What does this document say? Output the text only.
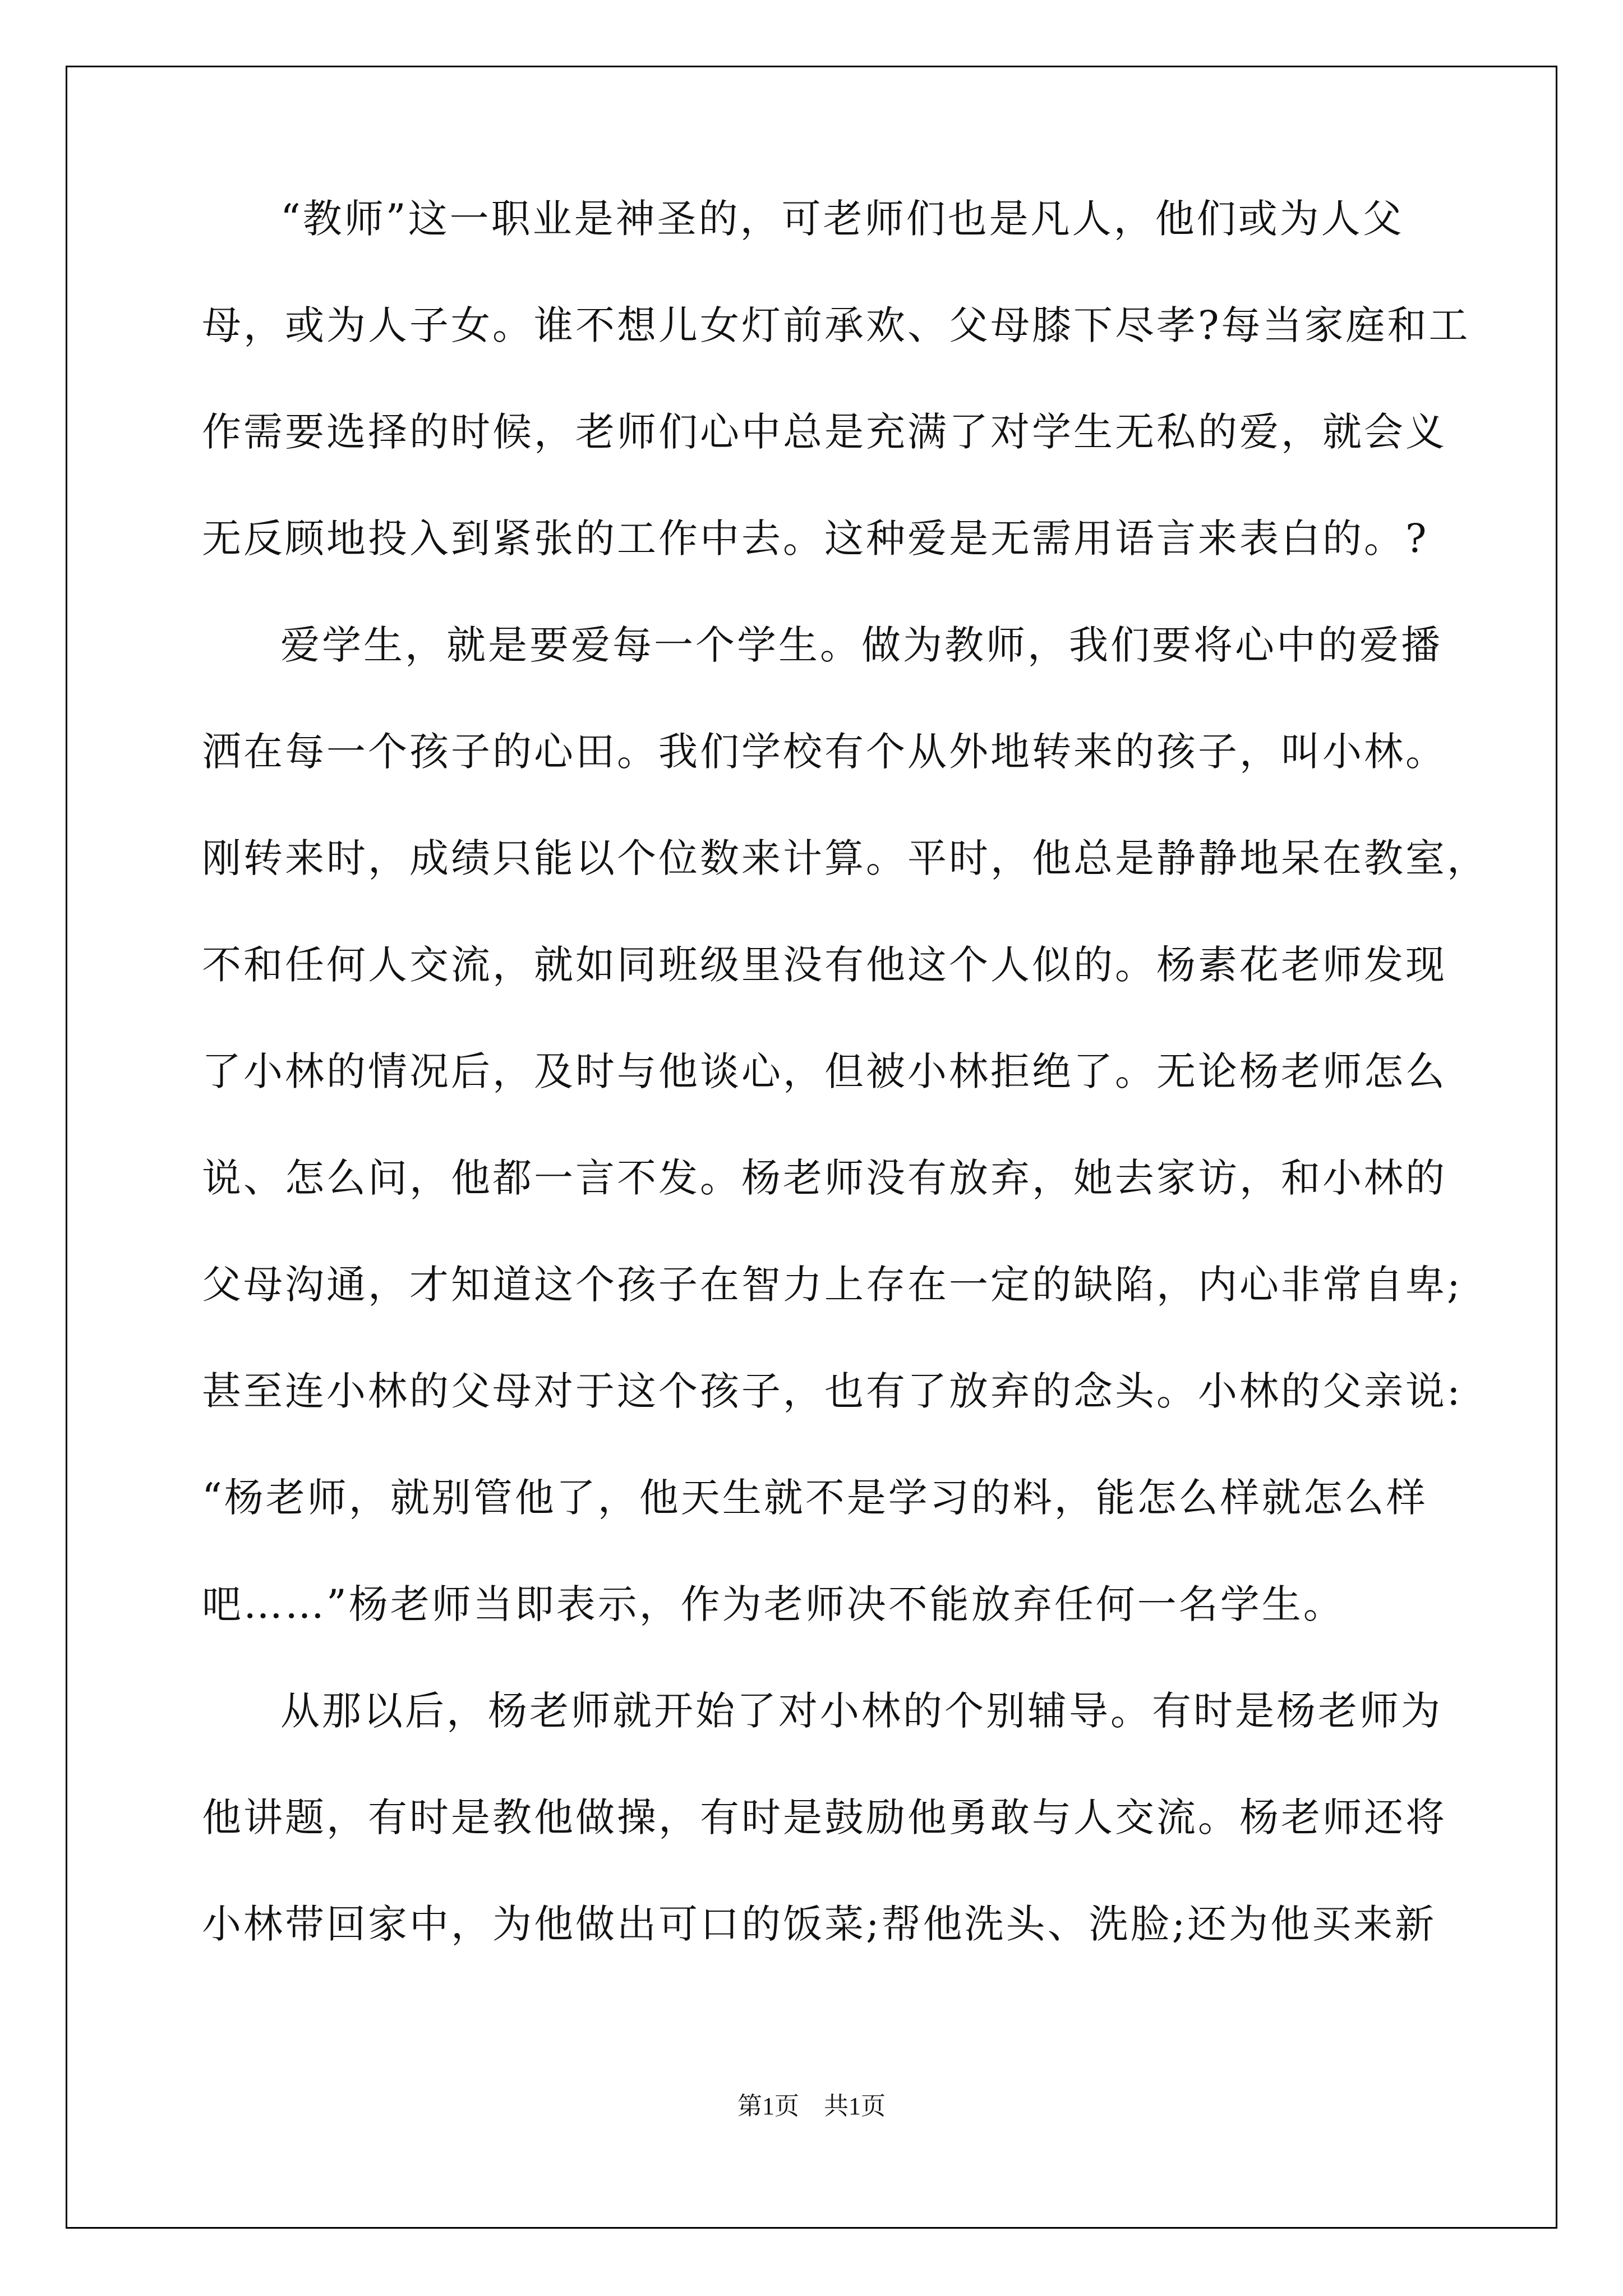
“教师”这一职业是神圣的，可老师们也是凡人，他们或为人父
母，或为人子女。谁不想儿女灯前承欢、父母膝下尽孝?每当家庭和工
作需要选择的时候，老师们心中总是充满了对学生无私的爱，就会义
无反顾地投入到紧张的工作中去。这种爱是无需用语言来表白的。?
爱学生，就是要爱每一个学生。做为教师，我们要将心中的爱播
洒在每一个孩子的心田。我们学校有个从外地转来的孩子，叫小林。
刚转来时，成绩只能以个位数来计算。平时，他总是静静地呆在教室，
不和任何人交流，就如同班级里没有他这个人似的。杨素花老师发现
了小林的情况后，及时与他谈心，但被小林拒绝了。无论杨老师怎么
说、怎么问，他都一言不发。杨老师没有放弃，她去家访，和小林的
父母沟通，才知道这个孩子在智力上存在一定的缺陷，内心非常自卑;
甚至连小林的父母对于这个孩子，也有了放弃的念头。小林的父亲说:
“杨老师，就别管他了，他天生就不是学习的料，能怎么样就怎么样
吧……”杨老师当即表示，作为老师决不能放弃任何一名学生。
从那以后，杨老师就开始了对小林的个别辅导。有时是杨老师为
他讲题，有时是教他做操，有时是鼓励他勇敢与人交流。杨老师还将
小林带回家中，为他做出可口的饭菜;帮他洗头、洗脸;还为他买来新
第1页　共1页
